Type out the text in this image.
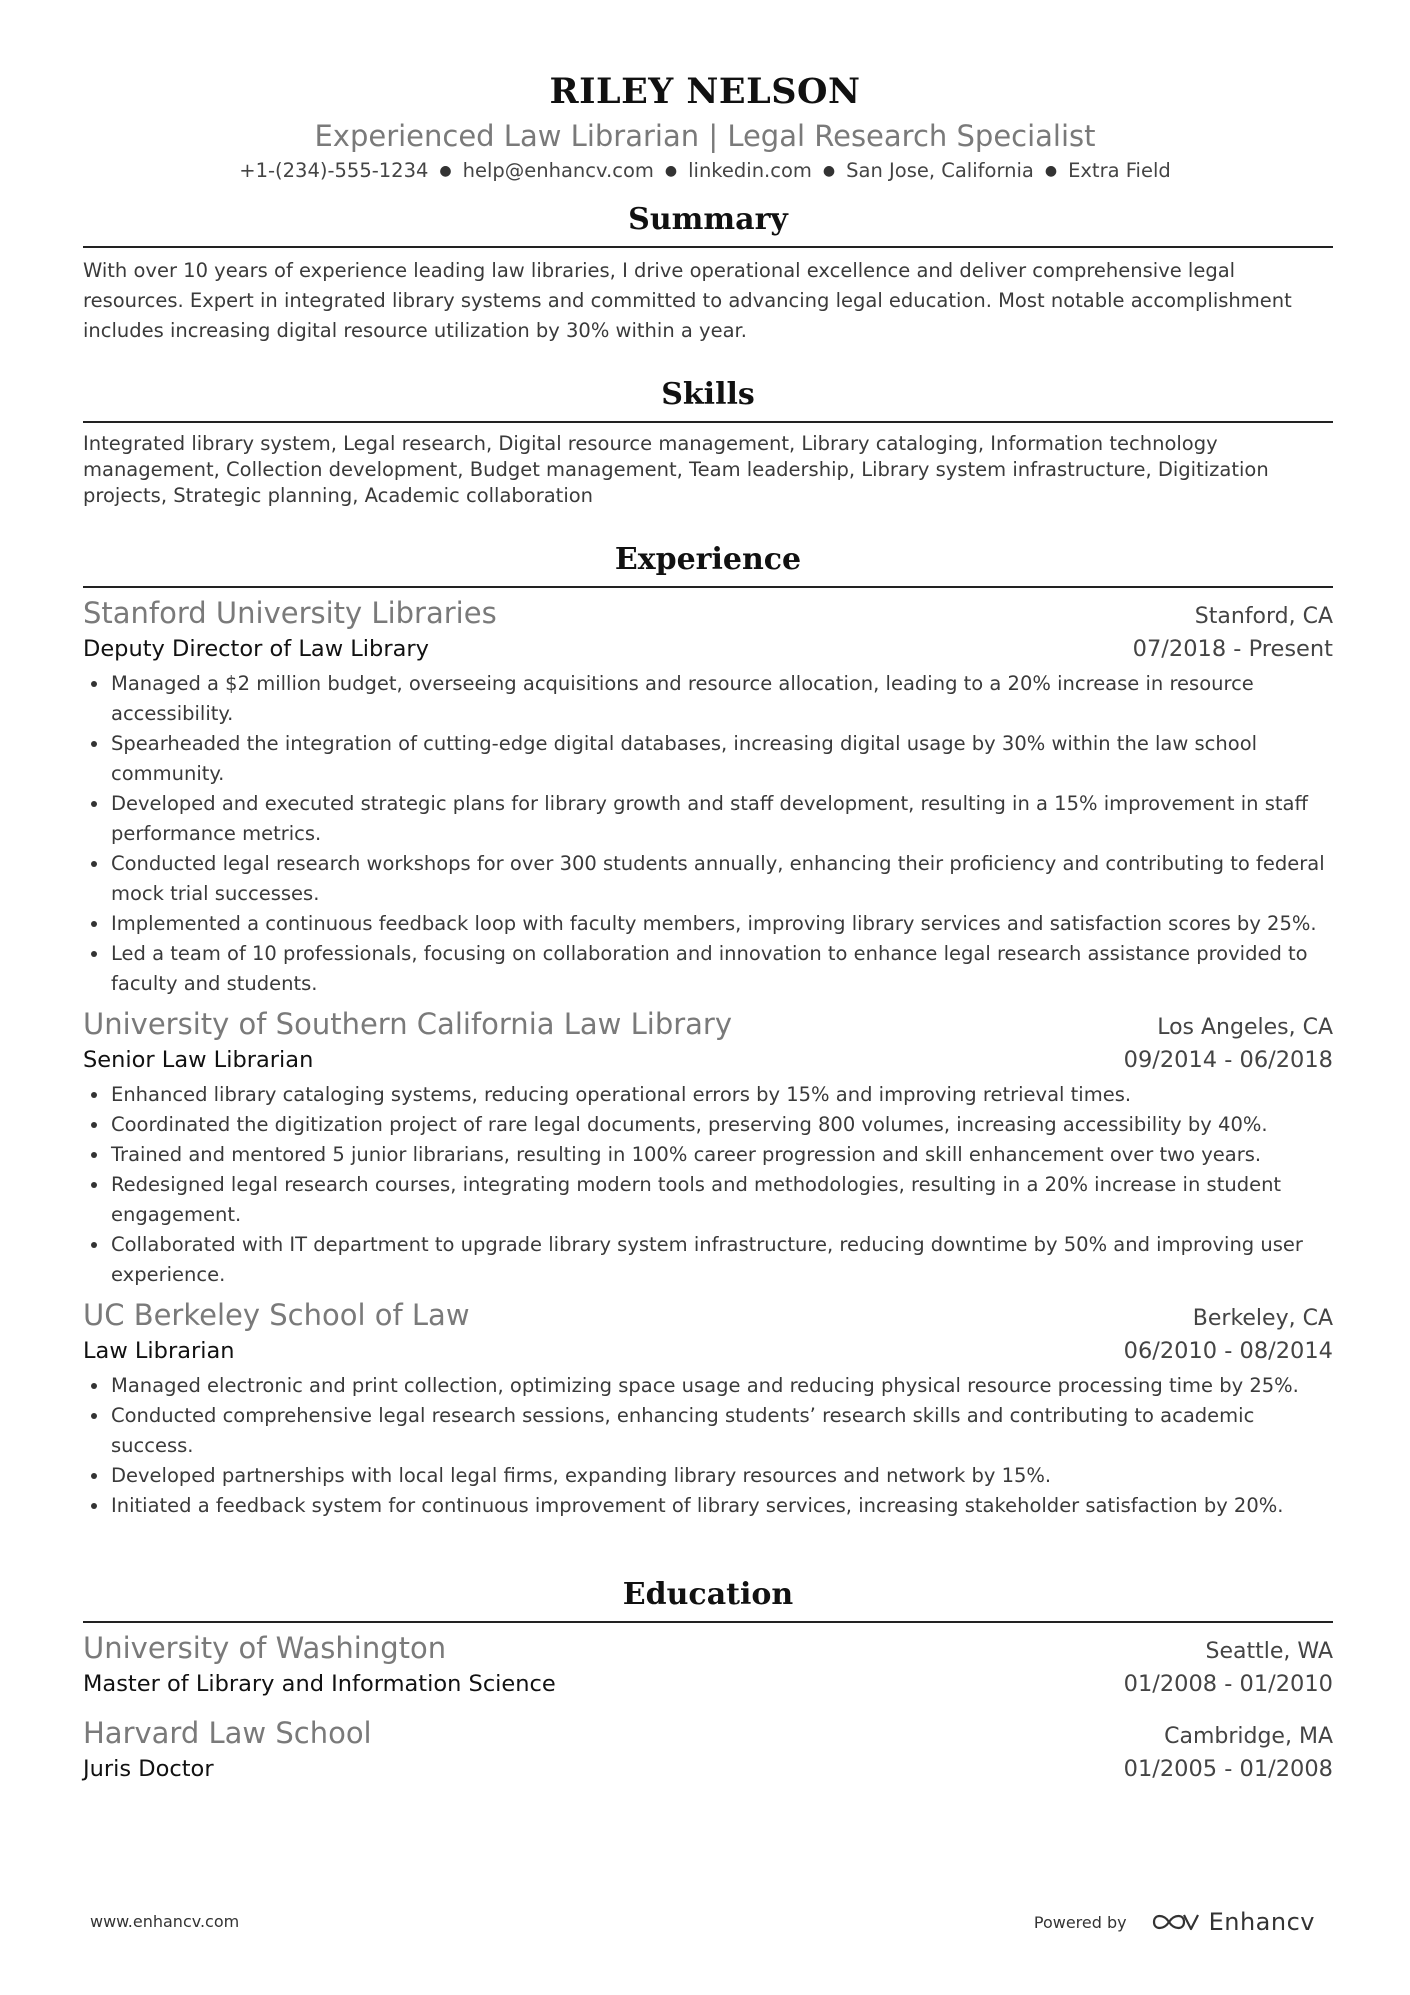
RILEY NELSON
Experienced Law Librarian | Legal Research Specialist
+1-(234)-555-1234 ● help@enhancv.com ● linkedin.com ● San Jose, California ● Extra Field
Summary
With over 10 years of experience leading law libraries, I drive operational excellence and deliver comprehensive legal resources. Expert in integrated library systems and committed to advancing legal education. Most notable accomplishment includes increasing digital resource utilization by 30% within a year.
Skills
Integrated library system, Legal research, Digital resource management, Library cataloging, Information technology management, Collection development, Budget management, Team leadership, Library system infrastructure, Digitization projects, Strategic planning, Academic collaboration
Experience
Stanford University Libraries	Stanford, CA
Deputy Director of Law Library	07/2018 - Present
Managed a $2 million budget, overseeing acquisitions and resource allocation, leading to a 20% increase in resource accessibility.
Spearheaded the integration of cutting-edge digital databases, increasing digital usage by 30% within the law school community.
Developed and executed strategic plans for library growth and staff development, resulting in a 15% improvement in staff performance metrics.
Conducted legal research workshops for over 300 students annually, enhancing their proficiency and contributing to federal mock trial successes.
Implemented a continuous feedback loop with faculty members, improving library services and satisfaction scores by 25%.
Led a team of 10 professionals, focusing on collaboration and innovation to enhance legal research assistance provided to faculty and students.
University of Southern California Law Library	Los Angeles, CA
Senior Law Librarian	09/2014 - 06/2018
Enhanced library cataloging systems, reducing operational errors by 15% and improving retrieval times.
Coordinated the digitization project of rare legal documents, preserving 800 volumes, increasing accessibility by 40%.
Trained and mentored 5 junior librarians, resulting in 100% career progression and skill enhancement over two years.
Redesigned legal research courses, integrating modern tools and methodologies, resulting in a 20% increase in student engagement.
Collaborated with IT department to upgrade library system infrastructure, reducing downtime by 50% and improving user experience.
UC Berkeley School of Law	Berkeley, CA
Law Librarian	06/2010 - 08/2014
Managed electronic and print collection, optimizing space usage and reducing physical resource processing time by 25%.
Conducted comprehensive legal research sessions, enhancing students’ research skills and contributing to academic success.
Developed partnerships with local legal firms, expanding library resources and network by 15%.
Initiated a feedback system for continuous improvement of library services, increasing stakeholder satisfaction by 20%.
Education
University of Washington	Seattle, WA
Master of Library and Information Science	01/2008 - 01/2010
Harvard Law School	Cambridge, MA
Juris Doctor	01/2005 - 01/2008
www.enhancv.com	Powered by	Enhancv
